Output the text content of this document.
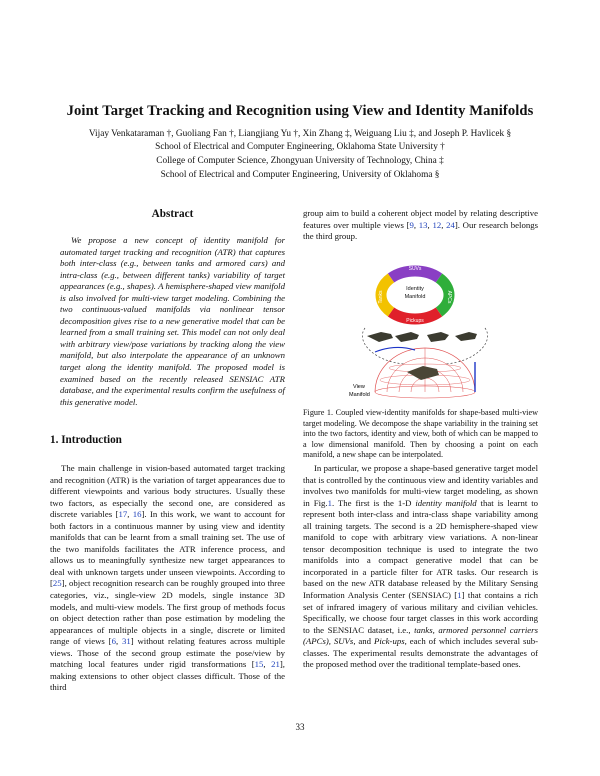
Joint Target Tracking and Recognition using View and Identity Manifolds
Vijay Venkataraman †, Guoliang Fan †, Liangjiang Yu †, Xin Zhang ‡, Weiguang Liu ‡, and Joseph P. Havlicek §
School of Electrical and Computer Engineering, Oklahoma State University †
College of Computer Science, Zhongyuan University of Technology, China ‡
School of Electrical and Computer Engineering, University of Oklahoma §
Abstract

We propose a new concept of identity manifold for automated target tracking and recognition (ATR) that captures both inter-class (e.g., between tanks and armored cars) and intra-class (e.g., between different tanks) variability of target appearances (e.g., shapes). A hemisphere-shaped view manifold is also involved for multi-view target modeling. Combining the two continuous-valued manifolds via nonlinear tensor decomposition gives rise to a new generative model that can be learned from a small training set. This model can not only deal with arbitrary view/pose variations by tracking along the view manifold, but also interpolate the appearance of an unknown target along the identity manifold. The proposed model is examined based on the recently released SENSIAC ATR database, and the experimental results confirm the usefulness of this generative model.

1. Introduction

The main challenge in vision-based automated target tracking and recognition (ATR) is the variation of target appearances due to different viewpoints and various body structures. Usually these two factors, as especially the second one, are considered as discrete variables [17, 16]. In this work, we want to account for both factors in a continuous manner by using view and identity manifolds that can be learnt from a small training set. The use of the two manifolds facilitates the ATR inference process, and allows us to meaningfully synthesize new target appearances to deal with unknown targets under unseen viewpoints. According to [25], object recognition research can be roughly grouped into three categories, viz., single-view 2D models, single instance 3D models, and multi-view models. The first group of methods focus on object detection rather than pose estimation by modeling the appearances of multiple objects in a single, discrete or limited range of views [6, 31] without relating features across multiple views. Those of the second group estimate the pose/view by matching local features under rigid transformations [15, 21], making extensions to other object classes difficult. Those of the third

group aim to build a coherent object model by relating descriptive features over multiple views [9, 13, 12, 24]. Our research belongs the third group.

SUVs
APCs
Pickups
Tanks
Identity
Manifold
View
Manifold
Figure 1. Coupled view-identity manifolds for shape-based multi-view target modeling. We decompose the shape variability in the training set into the two factors, identity and view, both of which can be mapped to a low dimensional manifold. Then by choosing a point on each manifold, a new shape can be interpolated.

In particular, we propose a shape-based generative target model that is controlled by the continuous view and identity variables and involves two manifolds for multi-view target modeling, as shown in Fig.1. The first is the 1-D identity manifold that is learnt to represent both inter-class and intra-class shape variability among all training targets. The second is a 2D hemisphere-shaped view manifold to cope with arbitrary view variations. A non-linear tensor decomposition technique is used to integrate the two manifolds into a compact generative model that can be incorporated in a particle filter for ATR tasks. Our research is based on the new ATR database released by the Military Sensing Information Analysis Center (SENSIAC) [1] that contains a rich set of infrared imagery of various military and civilian vehicles. Specifically, we choose four target classes in this work according to the SENSIAC dataset, i.e., tanks, armored personnel carriers (APCs), SUVs, and Pick-ups, each of which includes several sub-classes. The experimental results demonstrate the advantages of the proposed method over the traditional template-based ones.

33
